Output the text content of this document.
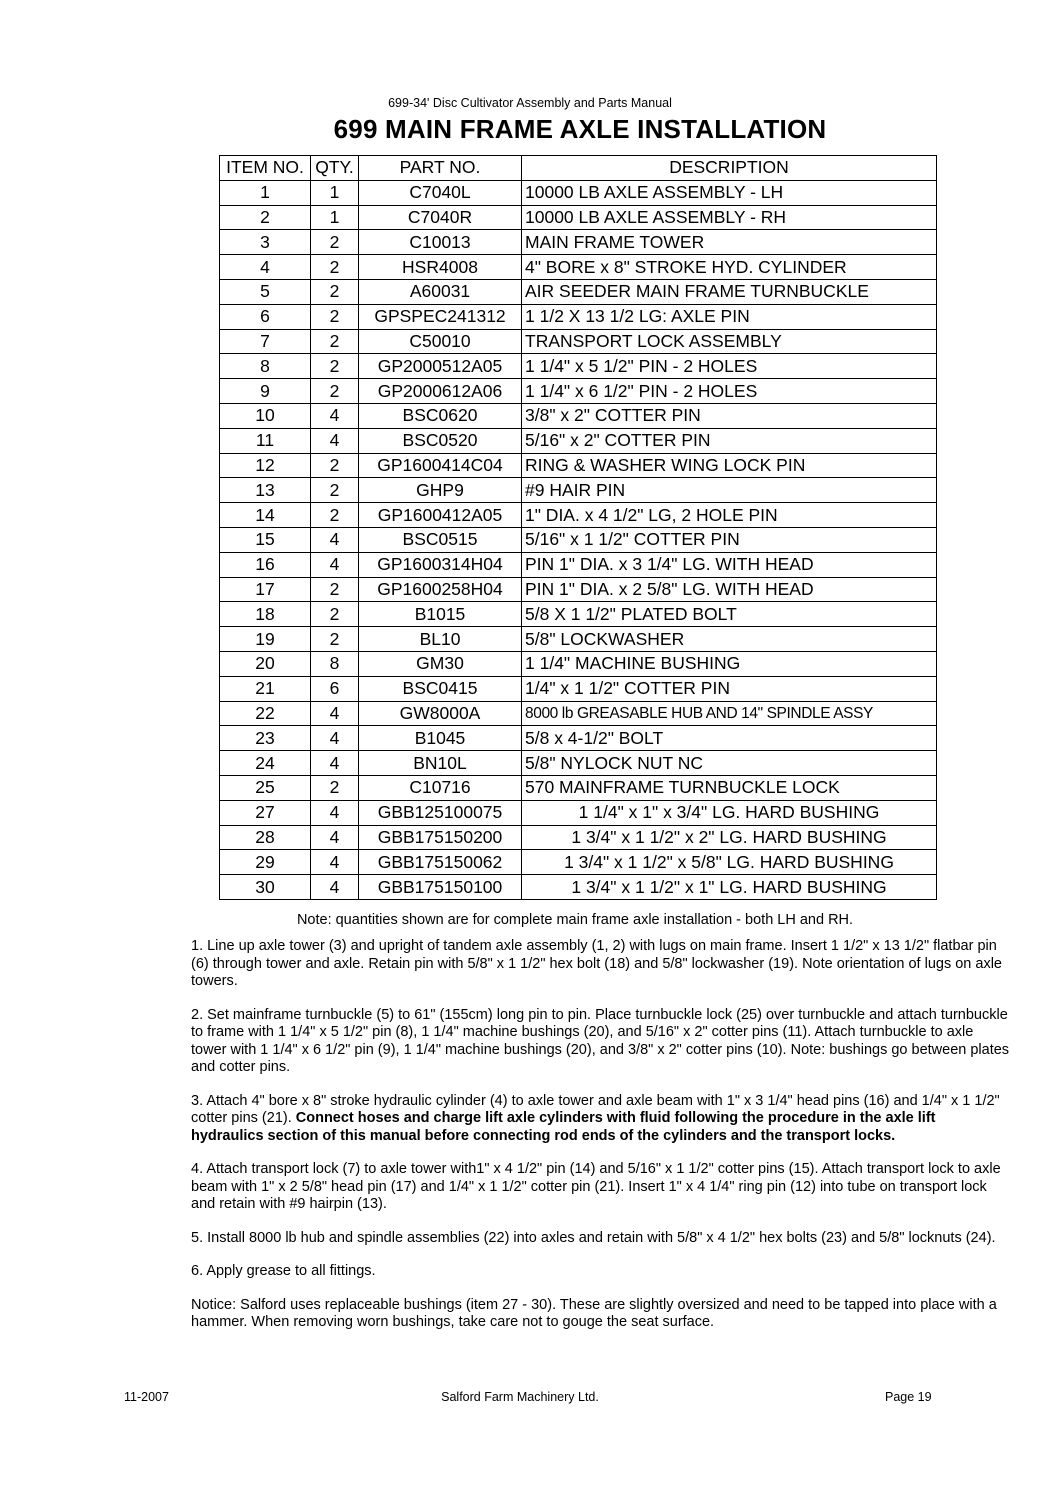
699-34' Disc Cultivator Assembly and Parts Manual
699 MAIN FRAME AXLE INSTALLATION
ITEM NO.	QTY.	PART NO.	DESCRIPTION
1	1	C7040L	10000 LB AXLE ASSEMBLY - LH
2	1	C7040R	10000 LB AXLE ASSEMBLY - RH
3	2	C10013	MAIN FRAME TOWER
4	2	HSR4008	4" BORE x 8" STROKE HYD. CYLINDER
5	2	A60031	AIR SEEDER MAIN FRAME TURNBUCKLE
6	2	GPSPEC241312	1 1/2 X 13 1/2 LG: AXLE PIN
7	2	C50010	TRANSPORT LOCK ASSEMBLY
8	2	GP2000512A05	1 1/4" x 5 1/2" PIN - 2 HOLES
9	2	GP2000612A06	1 1/4" x 6 1/2" PIN - 2 HOLES
10	4	BSC0620	3/8" x 2" COTTER PIN
11	4	BSC0520	5/16" x 2" COTTER PIN
12	2	GP1600414C04	RING & WASHER WING LOCK PIN
13	2	GHP9	#9 HAIR PIN
14	2	GP1600412A05	1" DIA. x 4 1/2" LG, 2 HOLE PIN
15	4	BSC0515	5/16" x 1 1/2" COTTER PIN
16	4	GP1600314H04	PIN 1" DIA. x 3 1/4" LG. WITH HEAD
17	2	GP1600258H04	PIN 1" DIA. x 2 5/8" LG. WITH HEAD
18	2	B1015	5/8 X 1 1/2" PLATED BOLT
19	2	BL10	5/8" LOCKWASHER
20	8	GM30	1 1/4" MACHINE BUSHING
21	6	BSC0415	1/4" x 1 1/2" COTTER PIN
22	4	GW8000A	8000 lb GREASABLE HUB AND 14" SPINDLE ASSY
23	4	B1045	5/8 x 4-1/2" BOLT
24	4	BN10L	5/8" NYLOCK NUT NC
25	2	C10716	570 MAINFRAME TURNBUCKLE LOCK
27	4	GBB125100075	1 1/4" x 1" x 3/4" LG. HARD BUSHING
28	4	GBB175150200	1 3/4" x 1 1/2" x 2" LG. HARD BUSHING
29	4	GBB175150062	1 3/4" x 1 1/2" x 5/8" LG. HARD BUSHING
30	4	GBB175150100	1 3/4" x 1 1/2" x 1" LG. HARD BUSHING
Note: quantities shown are for complete main frame axle installation - both LH and RH.

1. Line up axle tower (3) and upright of tandem axle assembly (1, 2) with lugs on main frame. Insert 1 1/2" x 13 1/2" flatbar pin (6) through tower and axle. Retain pin with 5/8" x 1 1/2" hex bolt (18) and 5/8" lockwasher (19). Note orientation of lugs on axle towers.

2. Set mainframe turnbuckle (5) to 61" (155cm) long pin to pin. Place turnbuckle lock (25) over turnbuckle and attach turnbuckle to frame with 1 1/4" x 5 1/2" pin (8), 1 1/4" machine bushings (20), and 5/16" x 2" cotter pins (11). Attach turnbuckle to axle tower with 1 1/4" x 6 1/2" pin (9), 1 1/4" machine bushings (20), and 3/8" x 2" cotter pins (10). Note: bushings go between plates and cotter pins.

3. Attach 4" bore x 8" stroke hydraulic cylinder (4) to axle tower and axle beam with 1" x 3 1/4" head pins (16) and 1/4" x 1 1/2" cotter pins (21). Connect hoses and charge lift axle cylinders with fluid following the procedure in the axle lift hydraulics section of this manual before connecting rod ends of the cylinders and the transport locks.

4. Attach transport lock (7) to axle tower with1" x 4 1/2" pin (14) and 5/16" x 1 1/2" cotter pins (15). Attach transport lock to axle beam with 1" x 2 5/8" head pin (17) and 1/4" x 1 1/2" cotter pin (21). Insert 1" x 4 1/4" ring pin (12) into tube on transport lock and retain with #9 hairpin (13).

5. Install 8000 lb hub and spindle assemblies (22) into axles and retain with 5/8" x 4 1/2" hex bolts (23) and 5/8" locknuts (24).

6. Apply grease to all fittings.

Notice: Salford uses replaceable bushings (item 27 - 30). These are slightly oversized and need to be tapped into place with a hammer. When removing worn bushings, take care not to gouge the seat surface.

11-2007	Salford Farm Machinery Ltd.	Page 19
